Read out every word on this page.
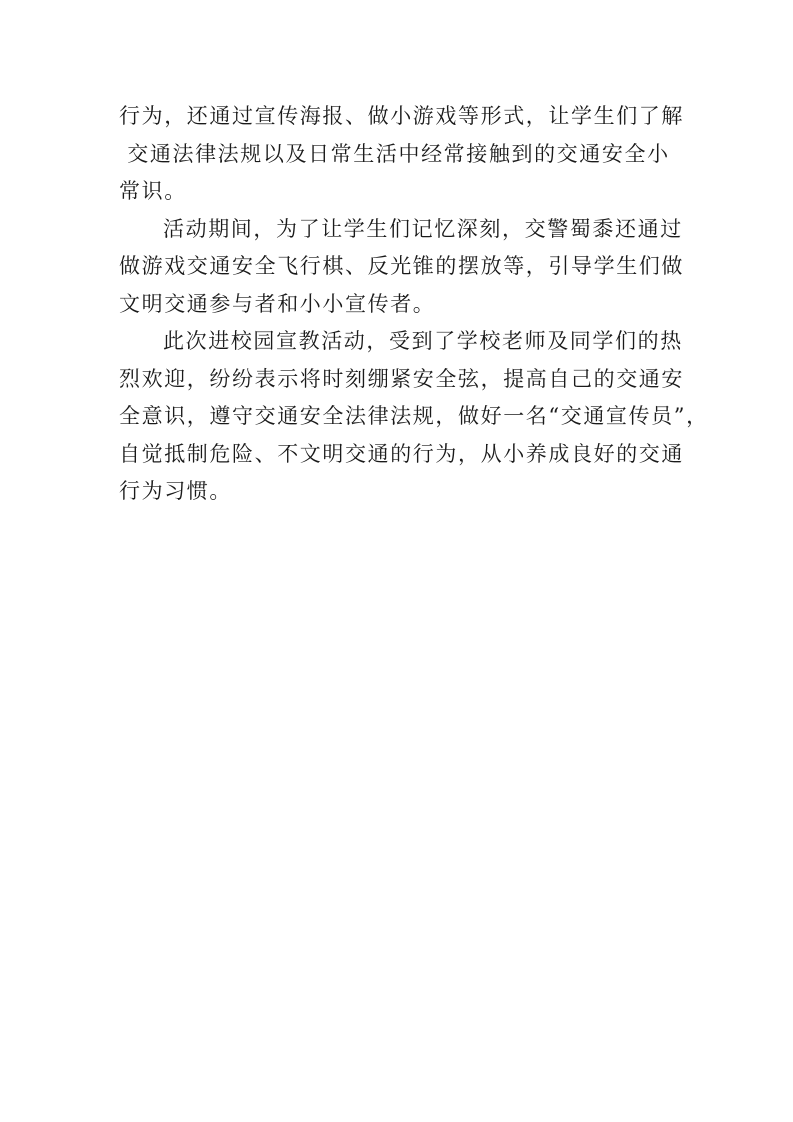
行为，还通过宣传海报、做小游戏等形式，让学生们了解
交通法律法规以及日常生活中经常接触到的交通安全小
常识。
活动期间，为了让学生们记忆深刻，交警蜀黍还通过
做游戏交通安全飞行棋、反光锥的摆放等，引导学生们做
文明交通参与者和小小宣传者。
此次进校园宣教活动，受到了学校老师及同学们的热
烈欢迎，纷纷表示将时刻绷紧安全弦，提高自己的交通安
全意识，遵守交通安全法律法规，做好一名“交通宣传员”，
自觉抵制危险、不文明交通的行为，从小养成良好的交通
行为习惯。
